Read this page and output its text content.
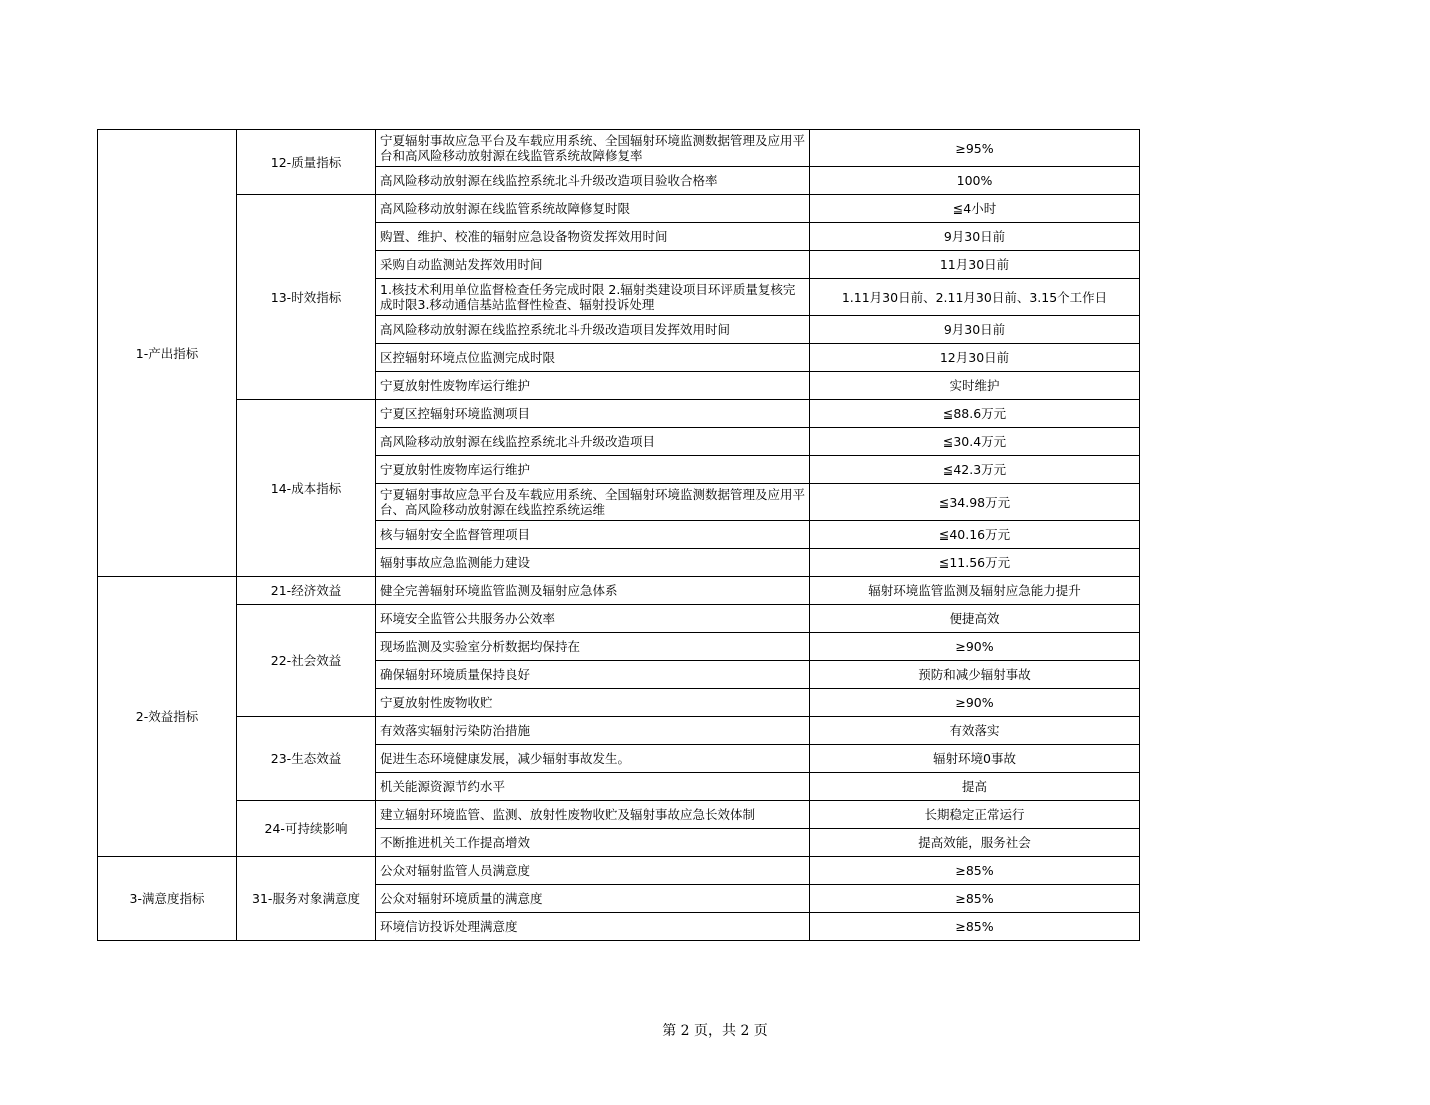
1-产出指标	12-质量指标	宁夏辐射事故应急平台及车载应用系统、全国辐射环境监测数据管理及应用平台和高风险移动放射源在线监管系统故障修复率	≥95%
		高风险移动放射源在线监控系统北斗升级改造项目验收合格率	100%
	13-时效指标	高风险移动放射源在线监管系统故障修复时限	≦4小时
		购置、维护、校准的辐射应急设备物资发挥效用时间	9月30日前
		采购自动监测站发挥效用时间	11月30日前
		1.核技术利用单位监督检查任务完成时限 2.辐射类建设项目环评质量复核完成时限3.移动通信基站监督性检查、辐射投诉处理	1.11月30日前、2.11月30日前、3.15个工作日
		高风险移动放射源在线监控系统北斗升级改造项目发挥效用时间	9月30日前
		区控辐射环境点位监测完成时限	12月30日前
		宁夏放射性废物库运行维护	实时维护
	14-成本指标	宁夏区控辐射环境监测项目	≦88.6万元
		高风险移动放射源在线监控系统北斗升级改造项目	≦30.4万元
		宁夏放射性废物库运行维护	≦42.3万元
		宁夏辐射事故应急平台及车载应用系统、全国辐射环境监测数据管理及应用平台、高风险移动放射源在线监控系统运维	≦34.98万元
		核与辐射安全监督管理项目	≦40.16万元
		辐射事故应急监测能力建设	≦11.56万元
2-效益指标	21-经济效益	健全完善辐射环境监管监测及辐射应急体系	辐射环境监管监测及辐射应急能力提升
	22-社会效益	环境安全监管公共服务办公效率	便捷高效
		现场监测及实验室分析数据均保持在	≥90%
		确保辐射环境质量保持良好	预防和减少辐射事故
		宁夏放射性废物收贮	≥90%
	23-生态效益	有效落实辐射污染防治措施	有效落实
		促进生态环境健康发展，减少辐射事故发生。	辐射环境0事故
		机关能源资源节约水平	提高
	24-可持续影响	建立辐射环境监管、监测、放射性废物收贮及辐射事故应急长效体制	长期稳定正常运行
		不断推进机关工作提高增效	提高效能，服务社会
3-满意度指标	31-服务对象满意度	公众对辐射监管人员满意度	≥85%
		公众对辐射环境质量的满意度	≥85%
		环境信访投诉处理满意度	≥85%
第 2 页，共 2 页
